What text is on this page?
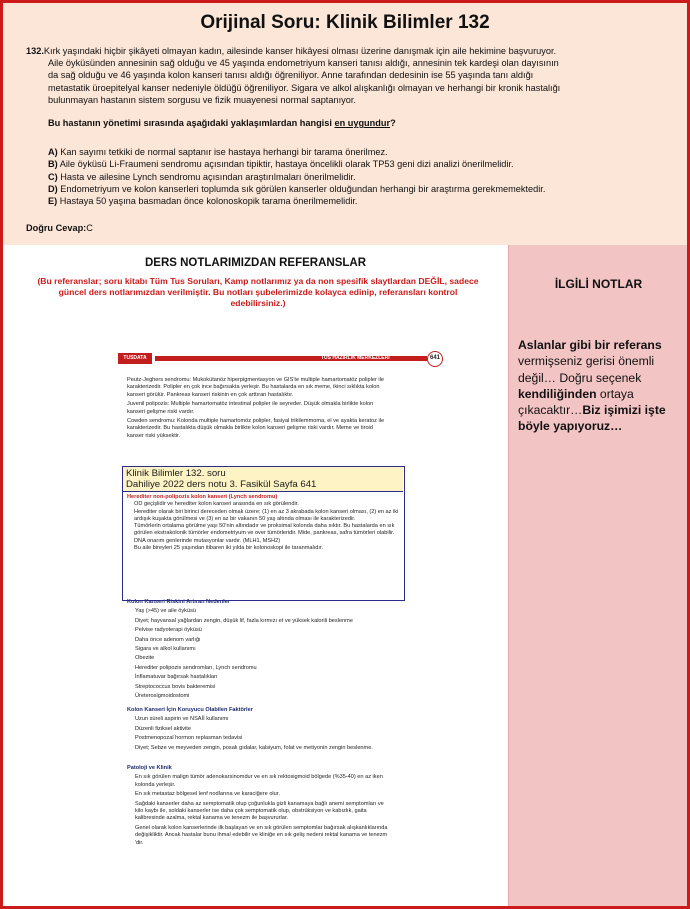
Orijinal Soru: Klinik Bilimler 132
132.Kırk yaşındaki hiçbir şikâyeti olmayan kadın, ailesinde kanser hikâyesi olması üzerine danışmak için aile hekimine başvuruyor.
Aile öyküsünden annesinin sağ olduğu ve 45 yaşında endometriyum kanseri tanısı aldığı, annesinin tek kardeşi olan dayısının
da sağ olduğu ve 46 yaşında kolon kanseri tanısı aldığı öğreniliyor. Anne tarafından dedesinin ise 55 yaşında tanı aldığı
metastatik üroepitelyal kanser nedeniyle öldüğü öğreniliyor. Sigara ve alkol alışkanlığı olmayan ve herhangi bir kronik hastalığı
bulunmayan hastanın sistem sorgusu ve fizik muayenesi normal saptanıyor.
Bu hastanın yönetimi sırasında aşağıdaki yaklaşımlardan hangisi en uygundur?
A) Kan sayımı tetkiki de normal saptanır ise hastaya herhangi bir tarama önerilmez.
B) Aile öyküsü Li-Fraumeni sendromu açısından tipiktir, hastaya öncelikli olarak TP53 geni dizi analizi önerilmelidir.
C) Hasta ve ailesine Lynch sendromu açısından araştırılmaları önerilmelidir.
D) Endometriyum ve kolon kanserleri toplumda sık görülen kanserler olduğundan herhangi bir araştırma gerekmemektedir.
E) Hastaya 50 yaşına basmadan önce kolonoskopik tarama önerilmemelidir.
Doğru Cevap:C
DERS NOTLARIMIZDAN REFERANSLAR
(Bu referanslar; soru kitabı Tüm Tus Soruları, Kamp notlarımız ya da non spesifik slaytlardan DEĞİL, sadece güncel ders notlarımızdan verilmiştir. Bu notları şubelerimizde kolayca edinip, referansları kontrol edebilirsiniz.)
İLGİLİ NOTLAR
Aslanlar gibi bir referans vermişseniz gerisi önemli değil… Doğru seçenek kendiliğinden ortaya çıkacaktır…Biz işimizi işte böyle yapıyoruz…
TUSDATA	TUS HAZIRLIK MERKEZLERİ	641

Peutz-Jeghers sendromu: Mukokütanöz hiperpigmentasyon ve GIS'te multiple hamartomatöz polipler ile karakterizedir. Polipler en çok ince bağırsakta yerleşir. Bu hastalarda en sık meme, ikinci sıklıkta kolon kanseri görülür. Pankreas kanseri riskinin en çok arttıran hastalıktır.

Juvenil polipozis: Multiple hamartomatöz intestinal polipler ile seyreder. Düşük olmakla birlikte kolon kanseri gelişme riski vardır.

Cowden sendromu: Kolonda multiple hamartomöz polipler, fasiyal trikilemmoma, el ve ayakta keratoz ile karakterizedir. Bu hastalıkta düşük olmakla birlikte kolon kanseri gelişme riski vardır. Meme ve tiroid kanser riski yüksektir.

Kolon Kanseri Riskini Artıran Nedenler

Yaş (>45) ve aile öyküsü

Diyet; hayvansal yağlardan zengin, düşük lif, fazla kırmızı et ve yüksek kalorili beslenme

Pelvise radyoterapi öyküsü

Daha önce adenom varlığı

Sigara ve alkol kullanımı

Obezite

Herediter polipozis sendromları, Lynch sendromu

İnflamatuvar bağırsak hastalıkları

Streptococcus bovis bakteremisi

Üreterosigmoidostomi

Kolon Kanseri İçin Koruyucu Olabilen Faktörler

Uzun süreli aspirin ve NSAİİ kullanımı

Düzenli fiziksel aktivite

Postmenopozal hormon replasman tedavisi

Diyet; Sebze ve meyveden zengin, posalı gıdalar, kalsiyum, folat ve metiyonin zengin beslenme.

Patoloji ve Klinik

En sık görülen malign tümör adenokarsinomdur ve en sık rektosigmoid bölgede (%35-40) en az iken kolonda yerleşir.

En sık metastaz bölgesel lenf nodlarına ve karaciğere olur.

Sağdaki kanserler daha az semptomatik olup çoğunlukla gizli kanamaya bağlı anemi semptomları ve kilo kaybı ile, soldaki kanserler ise daha çok semptomatik olup, obstrüksiyon ve kabızlık, gaita kalibresinde azalma, rektal kanama ve tenezm ile başvururlar.

Genel olarak kolon kanserlerinde ilk başlayan ve en sık görülen semptomlar bağırsak alışkanlıklarında değişikliktir. Ancak hastalar bunu ihmal edebilir ve kliniğe en sık geliş nedeni rektal kanama ve tenezm 'dir.

Klinik Bilimler 132. soru
Dahiliye 2022 ders notu 3. Fasikül Sayfa 641

Herediter non-polipozis kolon kanseri (Lynch sendromu)

OD geçişlidir ve herediter kolon kanseri arasında en sık görülendir.

Herediter olarak biri birinci dereceden olmak üzere; (1) en az 3 akrabada kolon kanseri olması, (2) en az iki ardışık kuşakta görülmesi ve (3) en az bir vakanın 50 yaş altında olması ile karakterizedir.

Tümörlerin ortalama görülme yaşı 50'nin altındadır ve proksimal kolonda daha sıktır. Bu hastalarda en sık görülen ekstrakolonik tümörler endometriyum ve over tümörleridir. Mide, pankreas, safra tümörleri olabilir.

DNA onarım genlerinde mutasyonlar vardır. (MLH1, MSH2)

Bu aile bireyleri 25 yaşından itibaren iki yılda bir kolonoskopi ile taranmalıdır.
